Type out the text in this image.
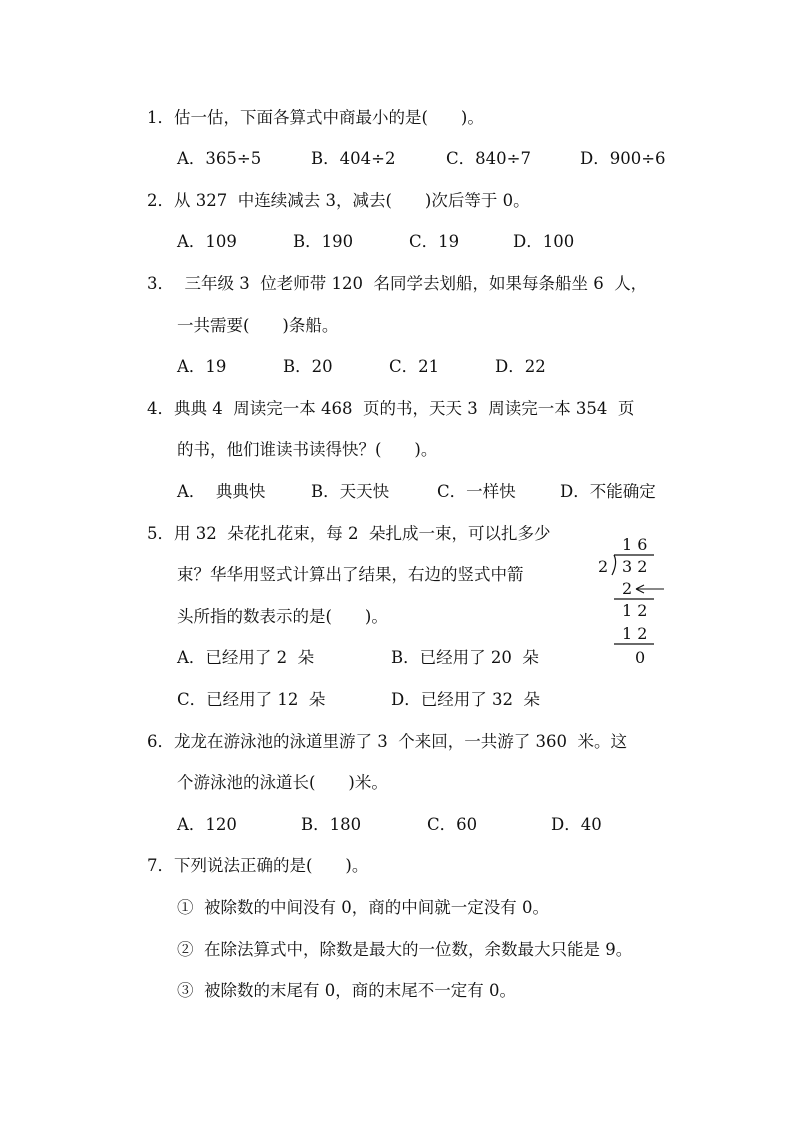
1．估一估，下面各算式中商最小的是(　　)。
A．365÷5	B．404÷2	C．840÷7	D．900÷6
2．从 327  中连续减去 3，减去(　　)次后等于 0。
A．109	B．190	C．19	D．100
3．  三年级 3  位老师带 120  名同学去划船，如果每条船坐 6  人，
一共需要(　　)条船。
A．19	B．20	C．21	D．22
4．典典 4  周读完一本 468  页的书，天天 3  周读完一本 354  页
的书，他们谁读书读得快？(　　)。
A．  典典快	B．天天快	C．一样快	D．不能确定
5．用 32  朵花扎花束，每 2  朵扎成一束，可以扎多少
束？华华用竖式计算出了结果，右边的竖式中箭
头所指的数表示的是(　　)。
A．已经用了 2  朵	B．已经用了 20  朵
C．已经用了 12  朵	D．已经用了 32  朵
1 6
2 3 2
2
1 2
1 2
0
6．龙龙在游泳池的泳道里游了 3  个来回，一共游了 360  米。这
个游泳池的泳道长(　　)米。
A．120	B．180	C．60	D．40
7．下列说法正确的是(　　)。
①  被除数的中间没有 0，商的中间就一定没有 0。
②  在除法算式中，除数是最大的一位数，余数最大只能是 9。
③  被除数的末尾有 0，商的末尾不一定有 0。
